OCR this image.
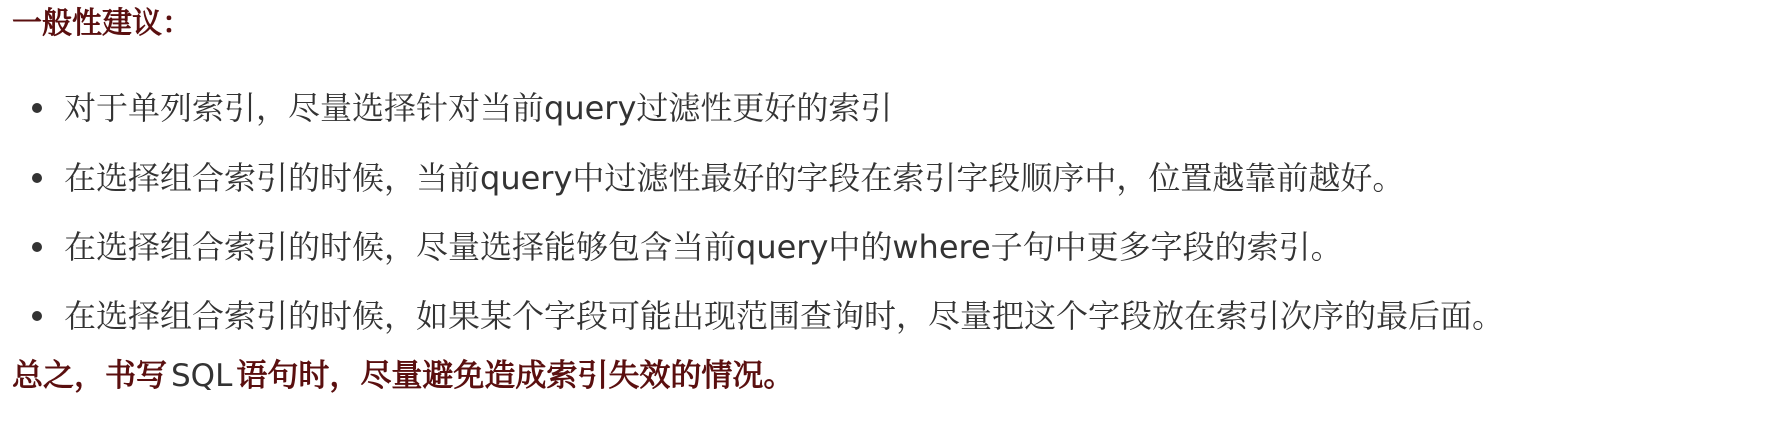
一般性建议：
对于单列索引，尽量选择针对当前query过滤性更好的索引
在选择组合索引的时候，当前query中过滤性最好的字段在索引字段顺序中，位置越靠前越好。
在选择组合索引的时候，尽量选择能够包含当前query中的where子句中更多字段的索引。
在选择组合索引的时候，如果某个字段可能出现范围查询时，尽量把这个字段放在索引次序的最后面。
总之，书写 SQL 语句时，尽量避免造成索引失效的情况。
